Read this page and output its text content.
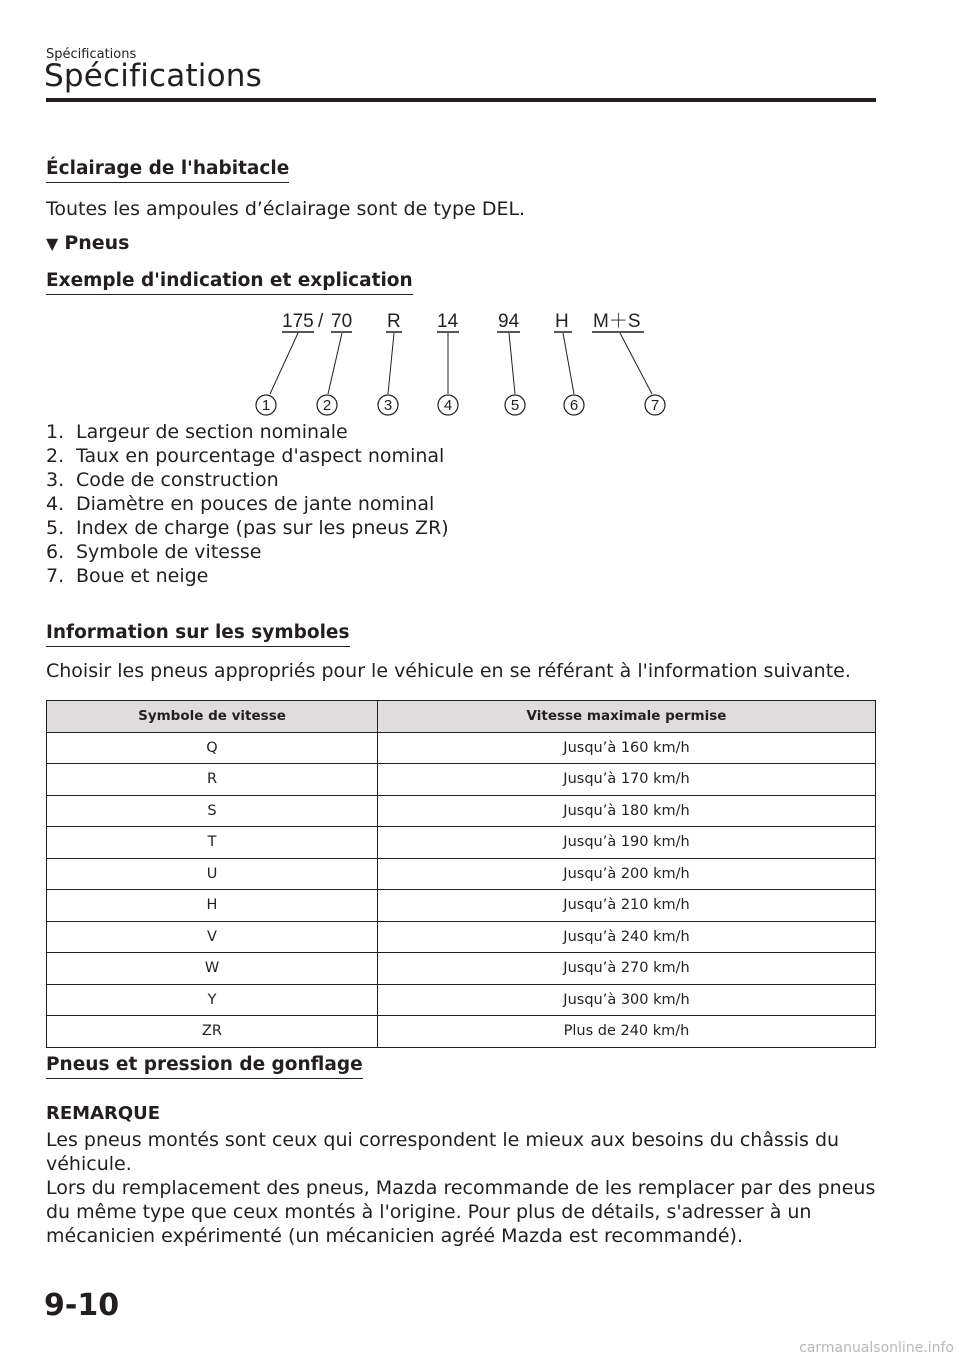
Spécifications
Spécifications
Éclairage de l'habitacle
Toutes les ampoules d’éclairage sont de type DEL.
▼ Pneus
Exemple d'indication et explication
175 / 70 R 14 94 H M＋S
1	2	3	4	5	6	7
1. Largeur de section nominale
2. Taux en pourcentage d'aspect nominal
3. Code de construction
4. Diamètre en pouces de jante nominal
5. Index de charge (pas sur les pneus ZR)
6. Symbole de vitesse
7. Boue et neige
Information sur les symboles
Choisir les pneus appropriés pour le véhicule en se référant à l'information suivante.
Symbole de vitesse	Vitesse maximale permise
Q	Jusqu’à 160 km/h
R	Jusqu’à 170 km/h
S	Jusqu’à 180 km/h
T	Jusqu’à 190 km/h
U	Jusqu’à 200 km/h
H	Jusqu’à 210 km/h
V	Jusqu’à 240 km/h
W	Jusqu’à 270 km/h
Y	Jusqu’à 300 km/h
ZR	Plus de 240 km/h
Pneus et pression de gonflage
REMARQUE
Les pneus montés sont ceux qui correspondent le mieux aux besoins du châssis du véhicule.
Lors du remplacement des pneus, Mazda recommande de les remplacer par des pneus du même type que ceux montés à l'origine. Pour plus de détails, s'adresser à un mécanicien expérimenté (un mécanicien agréé Mazda est recommandé).
9-10
carmanualsonline.info
